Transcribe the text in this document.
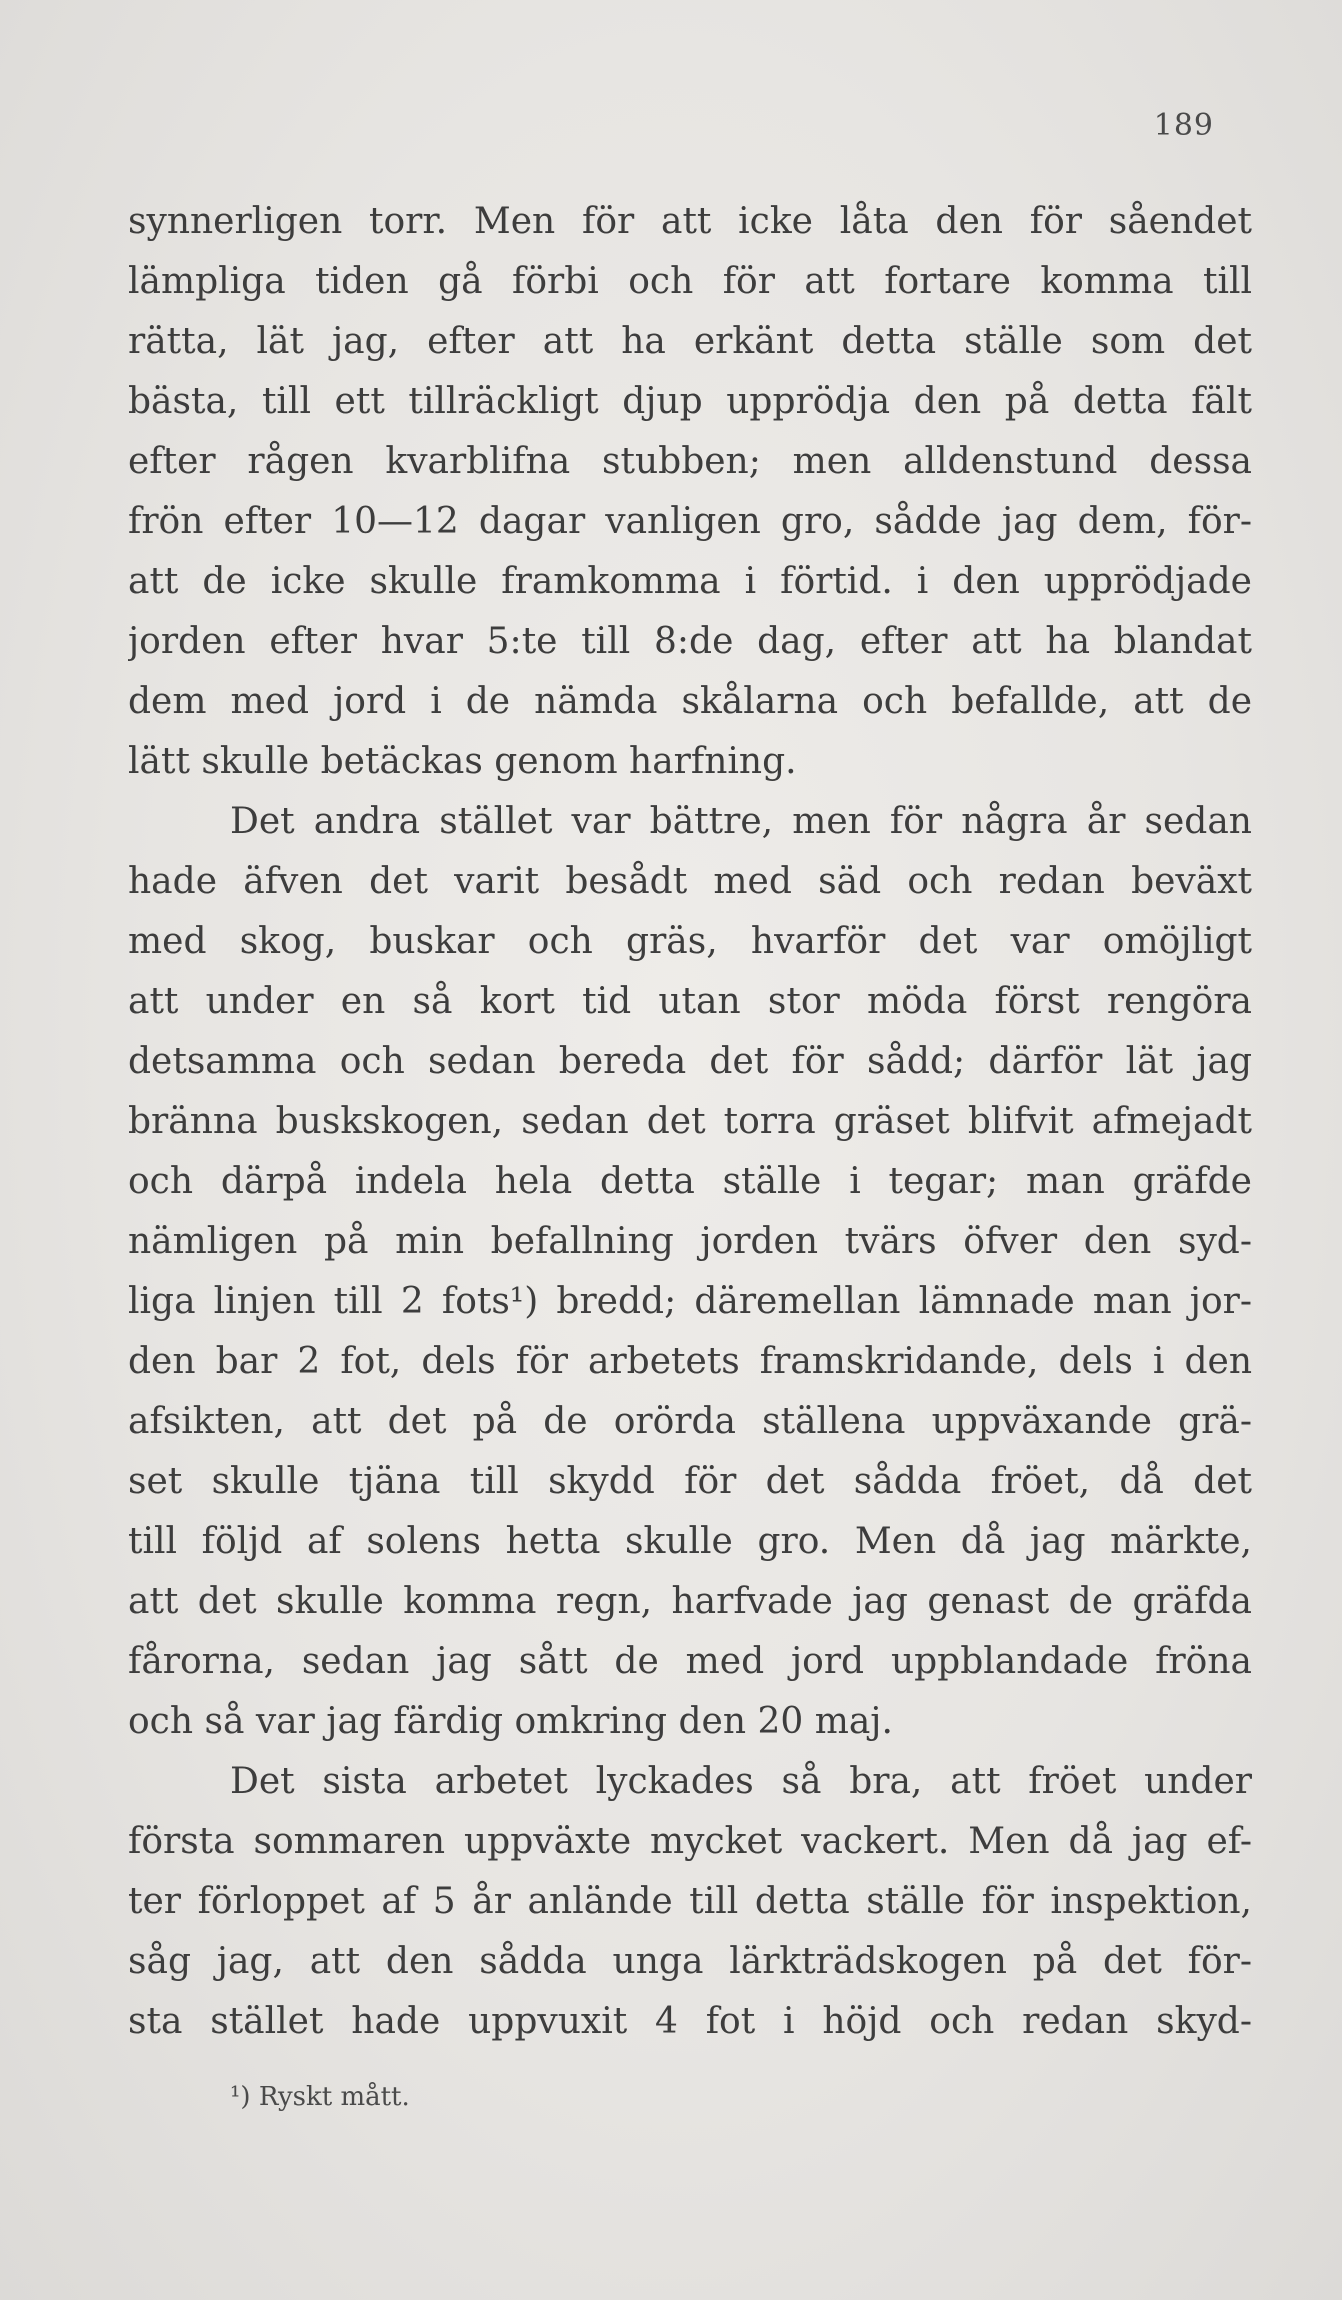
189
synnerligen torr. Men för att icke låta den för såendet
lämpliga tiden gå förbi och för att fortare komma till
rätta, lät jag, efter att ha erkänt detta ställe som det
bästa, till ett tillräckligt djup upprödja den på detta fält
efter rågen kvarblifna stubben; men alldenstund dessa
frön efter 10—12 dagar vanligen gro, sådde jag dem, för-
att de icke skulle framkomma i förtid. i den upprödjade
jorden efter hvar 5:te till 8:de dag, efter att ha blandat
dem med jord i de nämda skålarna och befallde, att de
lätt skulle betäckas genom harfning.
Det andra stället var bättre, men för några år sedan
hade äfven det varit besådt med säd och redan beväxt
med skog, buskar och gräs, hvarför det var omöjligt
att under en så kort tid utan stor möda först rengöra
detsamma och sedan bereda det för sådd; därför lät jag
bränna buskskogen, sedan det torra gräset blifvit afmejadt
och därpå indela hela detta ställe i tegar; man gräfde
nämligen på min befallning jorden tvärs öfver den syd-
liga linjen till 2 fots¹) bredd; däremellan lämnade man jor-
den bar 2 fot, dels för arbetets framskridande, dels i den
afsikten, att det på de orörda ställena uppväxande grä-
set skulle tjäna till skydd för det sådda fröet, då det
till följd af solens hetta skulle gro. Men då jag märkte,
att det skulle komma regn, harfvade jag genast de gräfda
fårorna, sedan jag sått de med jord uppblandade fröna
och så var jag färdig omkring den 20 maj.
Det sista arbetet lyckades så bra, att fröet under
första sommaren uppväxte mycket vackert. Men då jag ef-
ter förloppet af 5 år anlände till detta ställe för inspektion,
såg jag, att den sådda unga lärkträdskogen på det för-
sta stället hade uppvuxit 4 fot i höjd och redan skyd-
¹) Ryskt mått.
